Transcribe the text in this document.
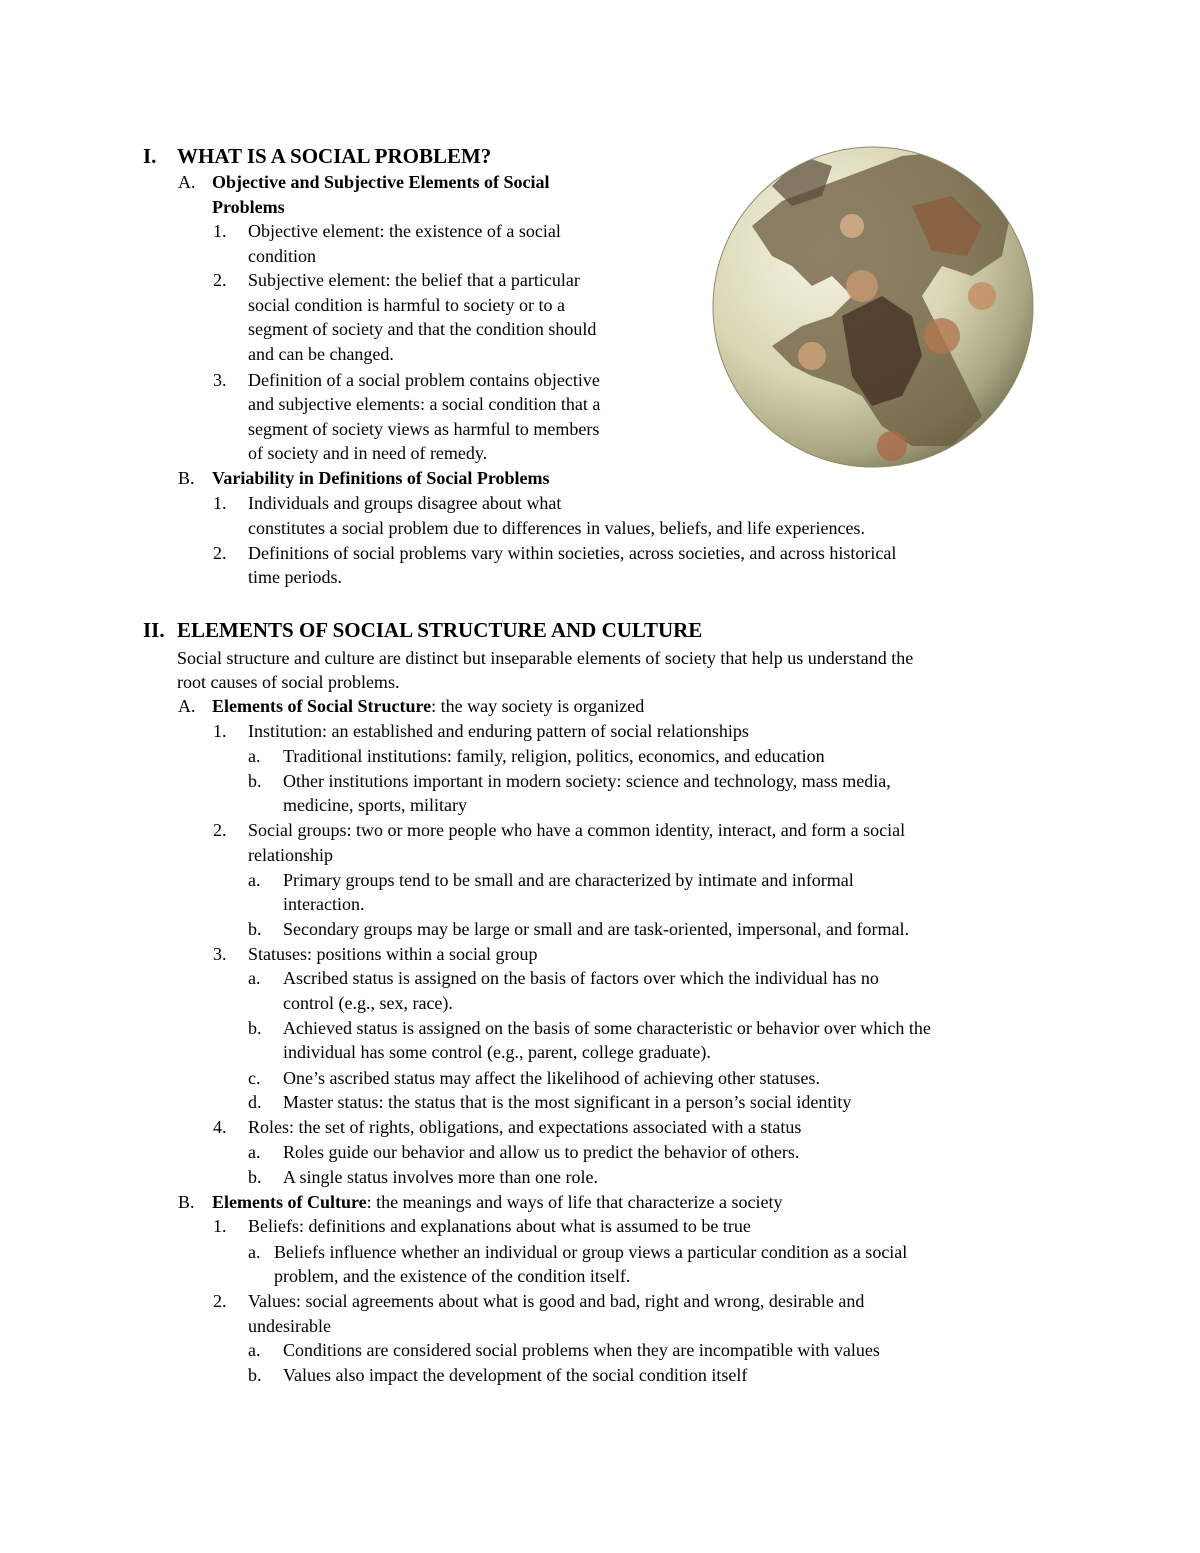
I. WHAT IS A SOCIAL PROBLEM?
A. Objective and Subjective Elements of Social
Problems
1. Objective element: the existence of a social
condition
2. Subjective element: the belief that a particular
social condition is harmful to society or to a
segment of society and that the condition should
and can be changed.
3. Definition of a social problem contains objective
and subjective elements: a social condition that a
segment of society views as harmful to members
of society and in need of remedy.
B. Variability in Definitions of Social Problems
1. Individuals and groups disagree about what
constitutes a social problem due to differences in values, beliefs, and life experiences.
2. Definitions of social problems vary within societies, across societies, and across historical
time periods.
II. ELEMENTS OF SOCIAL STRUCTURE AND CULTURE
Social structure and culture are distinct but inseparable elements of society that help us understand the
root causes of social problems.
A. Elements of Social Structure: the way society is organized
1. Institution: an established and enduring pattern of social relationships
a. Traditional institutions: family, religion, politics, economics, and education
b. Other institutions important in modern society: science and technology, mass media,
medicine, sports, military
2. Social groups: two or more people who have a common identity, interact, and form a social
relationship
a. Primary groups tend to be small and are characterized by intimate and informal
interaction.
b. Secondary groups may be large or small and are task-oriented, impersonal, and formal.
3. Statuses: positions within a social group
a. Ascribed status is assigned on the basis of factors over which the individual has no
control (e.g., sex, race).
b. Achieved status is assigned on the basis of some characteristic or behavior over which the
individual has some control (e.g., parent, college graduate).
c. One’s ascribed status may affect the likelihood of achieving other statuses.
d. Master status: the status that is the most significant in a person’s social identity
4. Roles: the set of rights, obligations, and expectations associated with a status
a. Roles guide our behavior and allow us to predict the behavior of others.
b. A single status involves more than one role.
B. Elements of Culture: the meanings and ways of life that characterize a society
1. Beliefs: definitions and explanations about what is assumed to be true
a. Beliefs influence whether an individual or group views a particular condition as a social
problem, and the existence of the condition itself.
2. Values: social agreements about what is good and bad, right and wrong, desirable and
undesirable
a. Conditions are considered social problems when they are incompatible with values
b. Values also impact the development of the social condition itself
